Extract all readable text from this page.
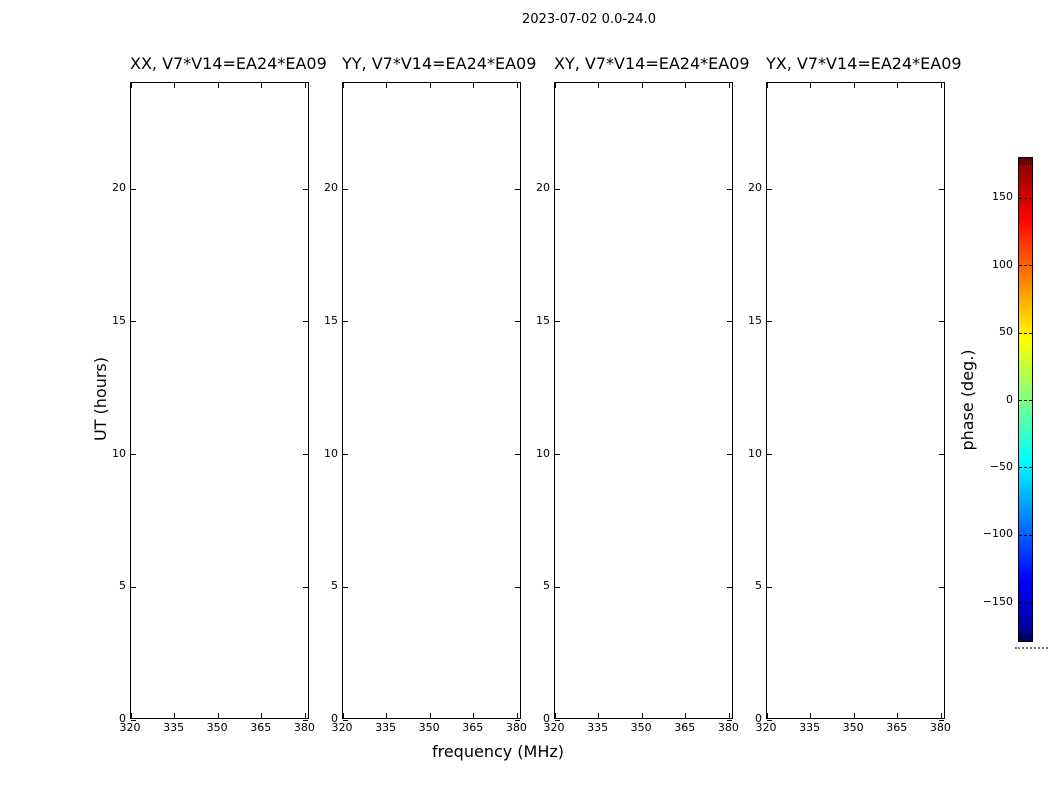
2023-07-02 0.0-24.0
XX, V7*V14=EA24*EA09 YY, V7*V14=EA24*EA09 XY, V7*V14=EA24*EA09 YX, V7*V14=EA24*EA09
frequency (MHz)
UT (hours)	phase (deg.)
320 335 350 365 380
0
5
10
15
20
320 335 350 365 380
0
5
10
15
20
320 335 350 365 380
0
5
10
15
20
320 335 350 365 380
0
5
10
15
20
150
100
50
0
−50
−100
−150
